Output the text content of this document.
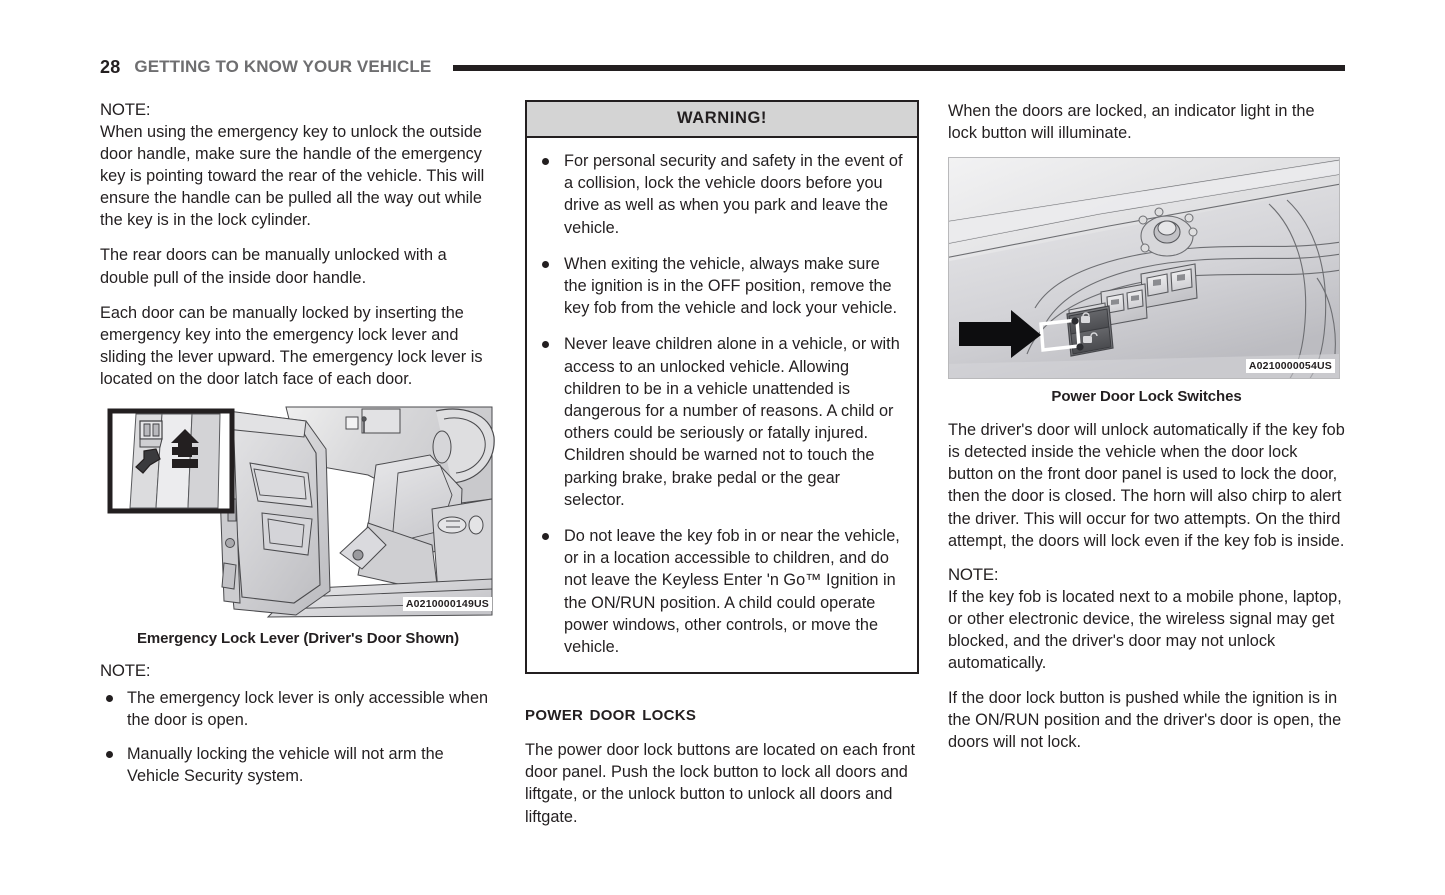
28 GETTING TO KNOW YOUR VEHICLE
NOTE:

When using the emergency key to unlock the outside door handle, make sure the handle of the emergency key is pointing toward the rear of the vehicle. This will ensure the handle can be pulled all the way out while the key is in the lock cylinder.

The rear doors can be manually unlocked with a double pull of the inside door handle.

Each door can be manually locked by inserting the emergency key into the emergency lock lever and sliding the lever upward. The emergency lock lever is located on the door latch face of each door.

A0210000149US
Emergency Lock Lever (Driver's Door Shown)
NOTE:
The emergency lock lever is only accessible when the door is open.
Manually locking the vehicle will not arm the Vehicle Security system.
WARNING!
For personal security and safety in the event of a collision, lock the vehicle doors before you drive as well as when you park and leave the vehicle.
When exiting the vehicle, always make sure the ignition is in the OFF position, remove the key fob from the vehicle and lock your vehicle.
Never leave children alone in a vehicle, or with access to an unlocked vehicle. Allowing children to be in a vehicle unattended is dangerous for a number of reasons. A child or others could be seriously or fatally injured. Children should be warned not to touch the parking brake, brake pedal or the gear selector.
Do not leave the key fob in or near the vehicle, or in a location accessible to children, and do not leave the Keyless Enter 'n Go™ Ignition in the ON/RUN position. A child could operate power windows, other controls, or move the vehicle.
power door locks

The power door lock buttons are located on each front door panel. Push the lock button to lock all doors and liftgate, or the unlock button to unlock all doors and liftgate.

When the doors are locked, an indicator light in the lock button will illuminate.

A0210000054US
Power Door Lock Switches

The driver's door will unlock automatically if the key fob is detected inside the vehicle when the door lock button on the front door panel is used to lock the door, then the door is closed. The horn will also chirp to alert the driver. This will occur for two attempts. On the third attempt, the doors will lock even if the key fob is inside.

NOTE:

If the key fob is located next to a mobile phone, laptop, or other electronic device, the wireless signal may get blocked, and the driver's door may not unlock automatically.

If the door lock button is pushed while the ignition is in the ON/RUN position and the driver's door is open, the doors will not lock.
